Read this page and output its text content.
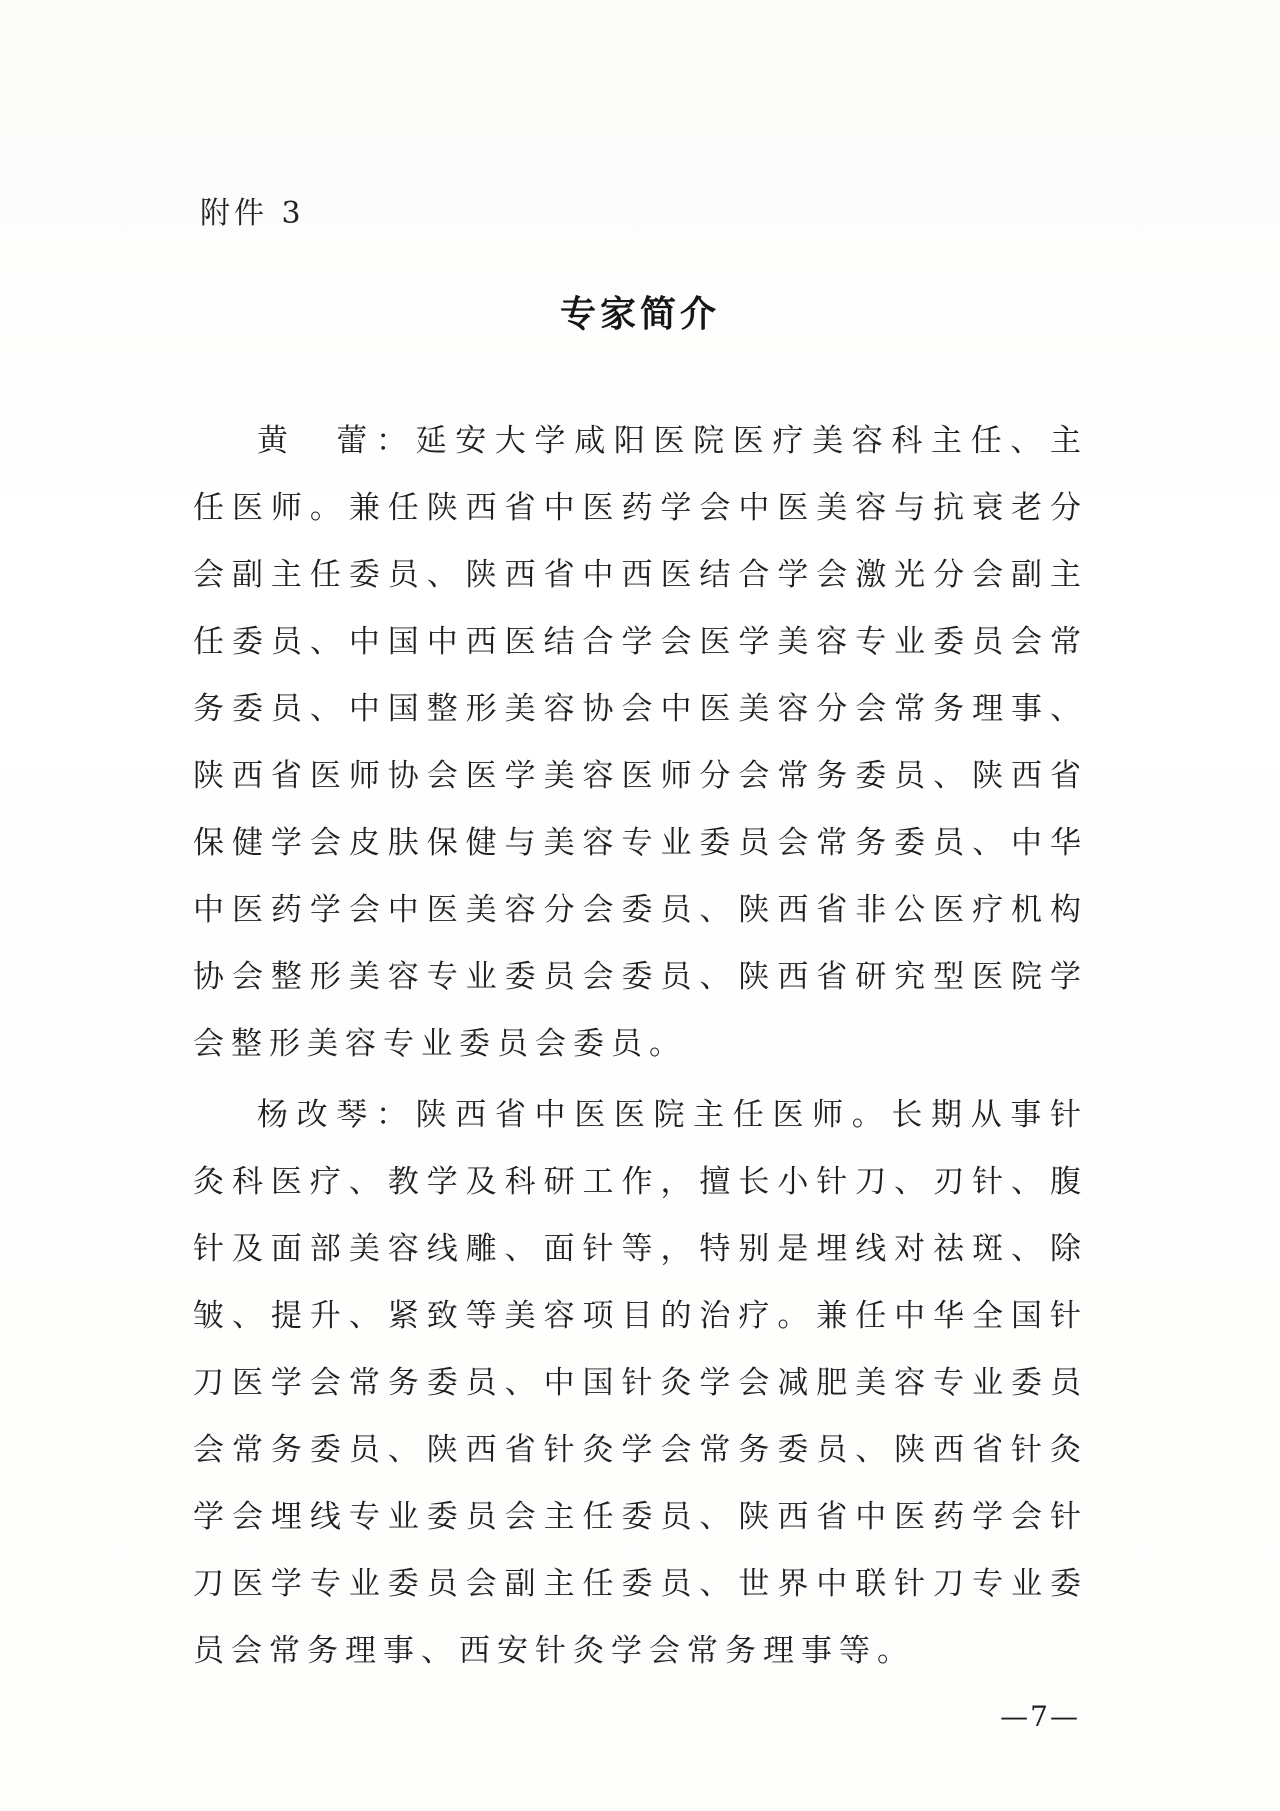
附件 3
专家简介

黄　蕾：延安大学咸阳医院医疗美容科主任、主任医师。兼任陕西省中医药学会中医美容与抗衰老分会副主任委员、陕西省中西医结合学会激光分会副主任委员、中国中西医结合学会医学美容专业委员会常务委员、中国整形美容协会中医美容分会常务理事、陕西省医师协会医学美容医师分会常务委员、陕西省保健学会皮肤保健与美容专业委员会常务委员、中华中医药学会中医美容分会委员、陕西省非公医疗机构协会整形美容专业委员会委员、陕西省研究型医院学会整形美容专业委员会委员。

杨改琴：陕西省中医医院主任医师。长期从事针灸科医疗、教学及科研工作，擅长小针刀、刃针、腹针及面部美容线雕、面针等，特别是埋线对祛斑、除皱、提升、紧致等美容项目的治疗。兼任中华全国针刀医学会常务委员、中国针灸学会减肥美容专业委员会常务委员、陕西省针灸学会常务委员、陕西省针灸学会埋线专业委员会主任委员、陕西省中医药学会针刀医学专业委员会副主任委员、世界中联针刀专业委员会常务理事、西安针灸学会常务理事等。

—7—
